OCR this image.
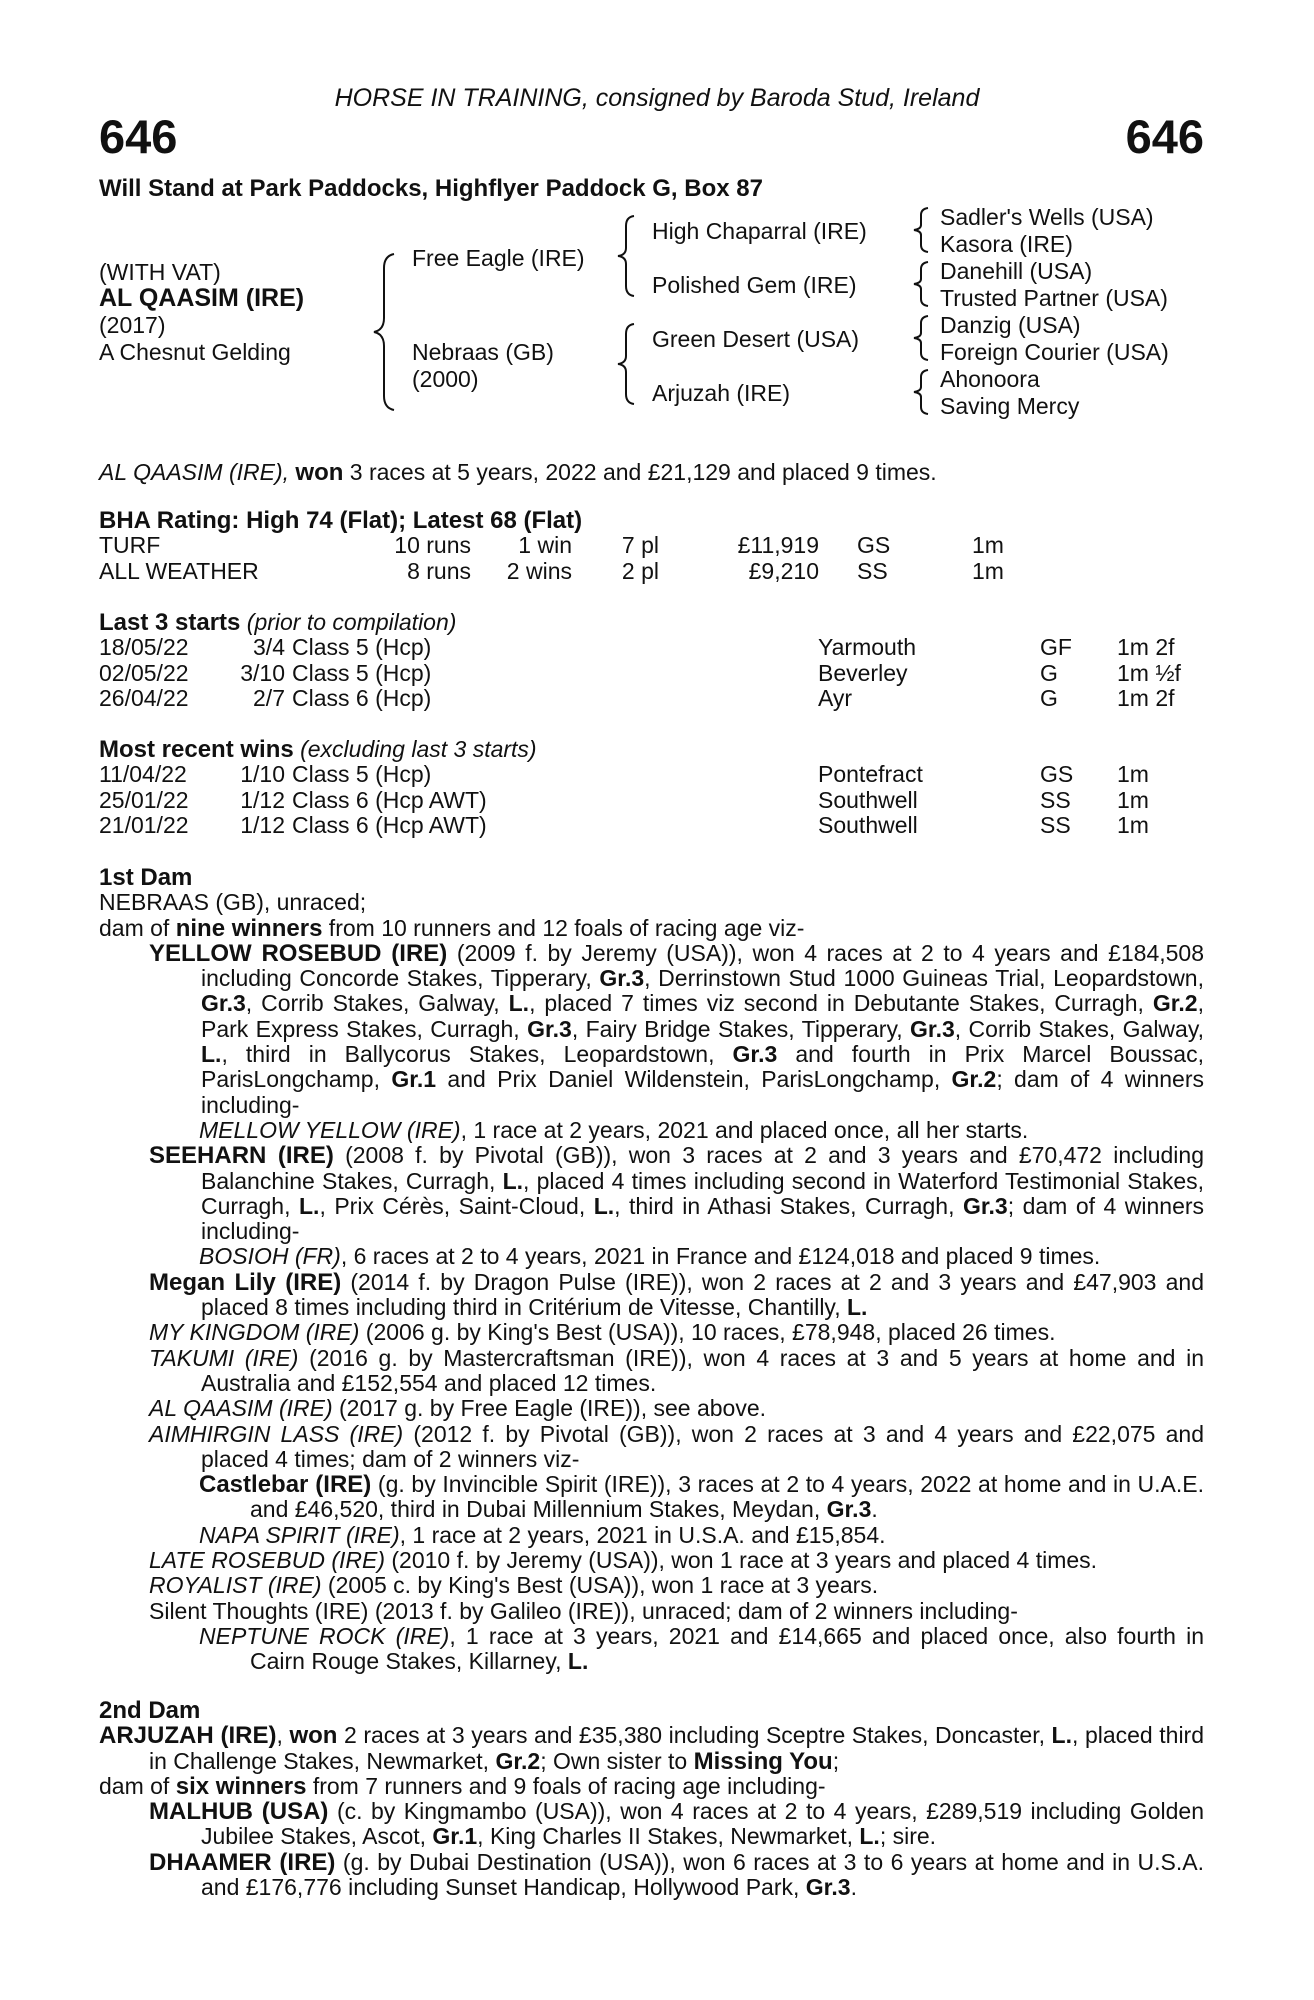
HORSE IN TRAINING, consigned by Baroda Stud, Ireland
646	646
Will Stand at Park Paddocks, Highflyer Paddock G, Box 87
(WITH VAT)
AL QAASIM (IRE)
(2017)
A Chesnut Gelding
Free Eagle (IRE)
Nebraas (GB)
(2000)
High Chaparral (IRE)
Polished Gem (IRE)
Green Desert (USA)
Arjuzah (IRE)
Sadler's Wells (USA)
Kasora (IRE)
Danehill (USA)
Trusted Partner (USA)
Danzig (USA)
Foreign Courier (USA)
Ahonoora
Saving Mercy
AL QAASIM (IRE), won 3 races at 5 years, 2022 and £21,129 and placed 9 times.
BHA Rating: High 74 (Flat); Latest 68 (Flat)
TURF	10 runs	1 win	7 pl	£11,919 GS	1m
ALL WEATHER	8 runs	2 wins	2 pl	£9,210 SS	1m
Last 3 starts (prior to compilation)
18/05/22	3/4 Class 5 (Hcp)	Yarmouth	GF 1m 2f
02/05/22	3/10 Class 5 (Hcp)	Beverley	G	1m ½f
26/04/22	2/7 Class 6 (Hcp)	Ayr	G	1m 2f
Most recent wins (excluding last 3 starts)
11/04/22	1/10 Class 5 (Hcp)	Pontefract	GS 1m
25/01/22	1/12 Class 6 (Hcp AWT)	Southwell	SS 1m
21/01/22	1/12 Class 6 (Hcp AWT)	Southwell	SS 1m

1st Dam

NEBRAAS (GB), unraced;

dam of nine winners from 10 runners and 12 foals of racing age viz-

YELLOW ROSEBUD (IRE) (2009 f. by Jeremy (USA)), won 4 races at 2 to 4 years and £184,508 including Concorde Stakes, Tipperary, Gr.3, Derrinstown Stud 1000 Guineas Trial, Leopardstown, Gr.3, Corrib Stakes, Galway, L., placed 7 times viz second in Debutante Stakes, Curragh, Gr.2, Park Express Stakes, Curragh, Gr.3, Fairy Bridge Stakes, Tipperary, Gr.3, Corrib Stakes, Galway, L., third in Ballycorus Stakes, Leopardstown, Gr.3 and fourth in Prix Marcel Boussac, ParisLongchamp, Gr.1 and Prix Daniel Wildenstein, ParisLongchamp, Gr.2; dam of 4 winners including-

MELLOW YELLOW (IRE), 1 race at 2 years, 2021 and placed once, all her starts.

SEEHARN (IRE) (2008 f. by Pivotal (GB)), won 3 races at 2 and 3 years and £70,472 including Balanchine Stakes, Curragh, L., placed 4 times including second in Waterford Testimonial Stakes, Curragh, L., Prix Cérès, Saint-Cloud, L., third in Athasi Stakes, Curragh, Gr.3; dam of 4 winners including-

BOSIOH (FR), 6 races at 2 to 4 years, 2021 in France and £124,018 and placed 9 times.

Megan Lily (IRE) (2014 f. by Dragon Pulse (IRE)), won 2 races at 2 and 3 years and £47,903 and placed 8 times including third in Critérium de Vitesse, Chantilly, L.

MY KINGDOM (IRE) (2006 g. by King's Best (USA)), 10 races, £78,948, placed 26 times.

TAKUMI (IRE) (2016 g. by Mastercraftsman (IRE)), won 4 races at 3 and 5 years at home and in Australia and £152,554 and placed 12 times.

AL QAASIM (IRE) (2017 g. by Free Eagle (IRE)), see above.

AIMHIRGIN LASS (IRE) (2012 f. by Pivotal (GB)), won 2 races at 3 and 4 years and £22,075 and placed 4 times; dam of 2 winners viz-

Castlebar (IRE) (g. by Invincible Spirit (IRE)), 3 races at 2 to 4 years, 2022 at home and in U.A.E. and £46,520, third in Dubai Millennium Stakes, Meydan, Gr.3.

NAPA SPIRIT (IRE), 1 race at 2 years, 2021 in U.S.A. and £15,854.

LATE ROSEBUD (IRE) (2010 f. by Jeremy (USA)), won 1 race at 3 years and placed 4 times.

ROYALIST (IRE) (2005 c. by King's Best (USA)), won 1 race at 3 years.

Silent Thoughts (IRE) (2013 f. by Galileo (IRE)), unraced; dam of 2 winners including-

NEPTUNE ROCK (IRE), 1 race at 3 years, 2021 and £14,665 and placed once, also fourth in Cairn Rouge Stakes, Killarney, L.

2nd Dam

ARJUZAH (IRE), won 2 races at 3 years and £35,380 including Sceptre Stakes, Doncaster, L., placed third in Challenge Stakes, Newmarket, Gr.2; Own sister to Missing You;

dam of six winners from 7 runners and 9 foals of racing age including-

MALHUB (USA) (c. by Kingmambo (USA)), won 4 races at 2 to 4 years, £289,519 including Golden Jubilee Stakes, Ascot, Gr.1, King Charles II Stakes, Newmarket, L.; sire.

DHAAMER (IRE) (g. by Dubai Destination (USA)), won 6 races at 3 to 6 years at home and in U.S.A. and £176,776 including Sunset Handicap, Hollywood Park, Gr.3.
